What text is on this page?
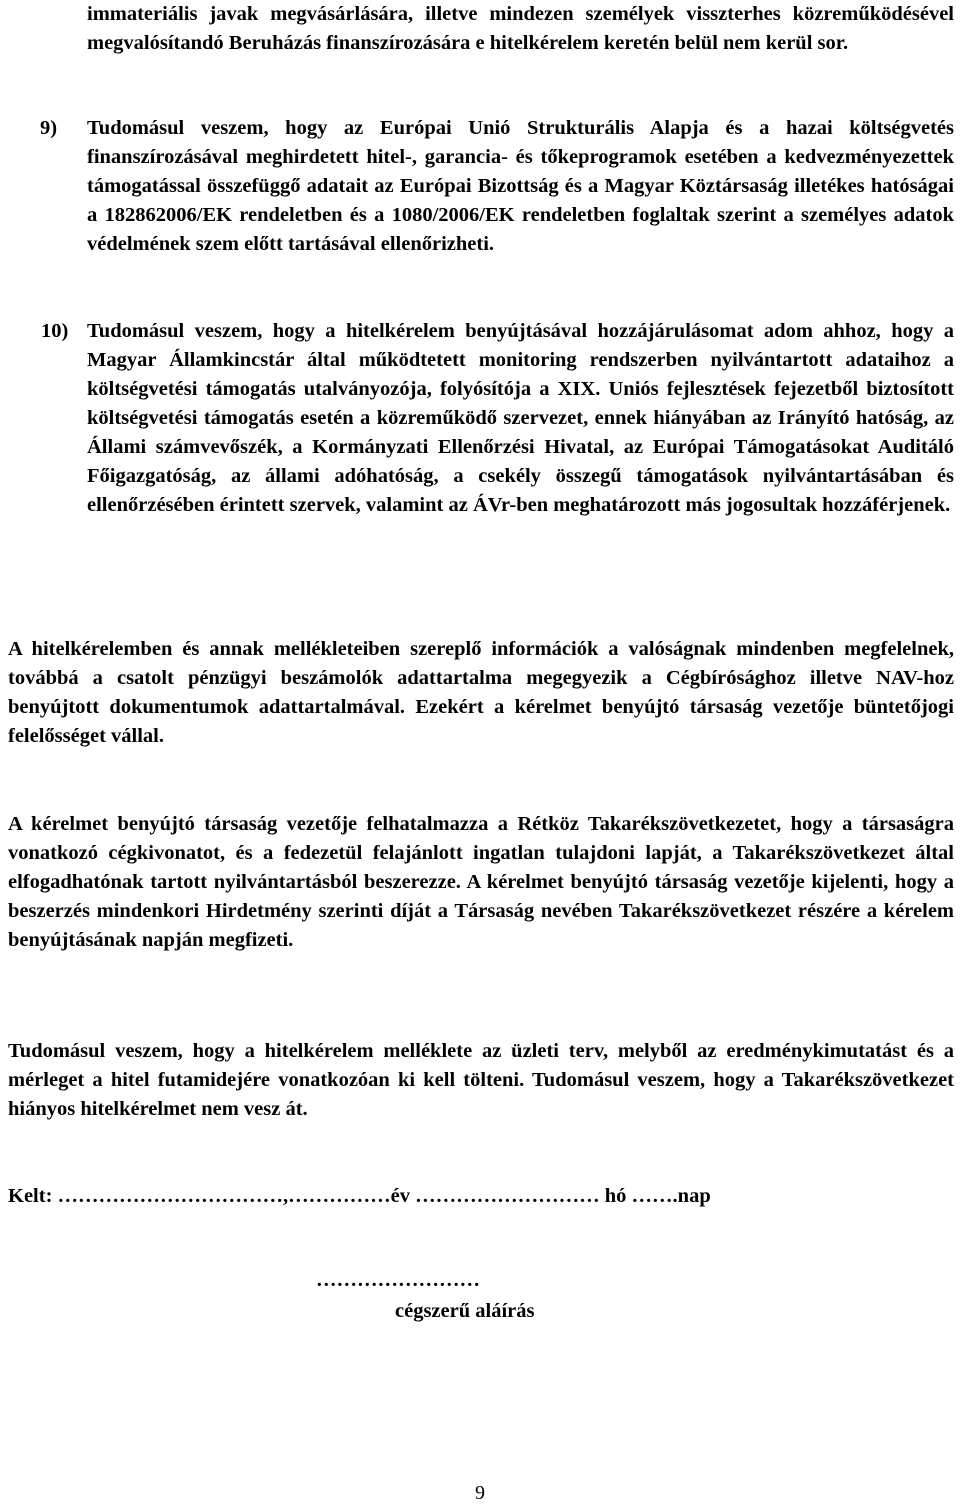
immateriális javak megvásárlására, illetve mindezen személyek visszterhes közreműködésével megvalósítandó Beruházás finanszírozására e hitelkérelem keretén belül nem kerül sor.

9) Tudomásul veszem, hogy az Európai Unió Strukturális Alapja és a hazai költségvetés finanszírozásával meghirdetett hitel-, garancia- és tőkeprogramok esetében a kedvezményezettek támogatással összefüggő adatait az Európai Bizottság és a Magyar Köztársaság illetékes hatóságai a 182862006/EK rendeletben és a 1080/2006/EK rendeletben foglaltak szerint a személyes adatok védelmének szem előtt tartásával ellenőrizheti.

10) Tudomásul veszem, hogy a hitelkérelem benyújtásával hozzájárulásomat adom ahhoz, hogy a Magyar Államkincstár által működtetett monitoring rendszerben nyilvántartott adataihoz a költségvetési támogatás utalványozója, folyósítója a XIX. Uniós fejlesztések fejezetből biztosított költségvetési támogatás esetén a közreműködő szervezet, ennek hiányában az Irányító hatóság, az Állami számvevőszék, a Kormányzati Ellenőrzési Hivatal, az Európai Támogatásokat Auditáló Főigazgatóság, az állami adóhatóság, a csekély összegű támogatások nyilvántartásában és ellenőrzésében érintett szervek, valamint az ÁVr-ben meghatározott más jogosultak hozzáférjenek.

A hitelkérelemben és annak mellékleteiben szereplő információk a valóságnak mindenben megfelelnek, továbbá a csatolt pénzügyi beszámolók adattartalma megegyezik a Cégbírósághoz illetve NAV-hoz benyújtott dokumentumok adattartalmával. Ezekért a kérelmet benyújtó társaság vezetője büntetőjogi felelősséget vállal.

A kérelmet benyújtó társaság vezetője felhatalmazza a Rétköz Takarékszövetkezetet, hogy a társaságra vonatkozó cégkivonatot, és a fedezetül felajánlott ingatlan tulajdoni lapját, a Takarékszövetkezet által elfogadhatónak tartott nyilvántartásból beszerezze. A kérelmet benyújtó társaság vezetője kijelenti, hogy a beszerzés mindenkori Hirdetmény szerinti díját a Társaság nevében Takarékszövetkezet részére a kérelem benyújtásának napján megfizeti.

Tudomásul veszem, hogy a hitelkérelem melléklete az üzleti terv, melyből az eredménykimutatást és a mérleget a hitel futamidejére vonatkozóan ki kell tölteni. Tudomásul veszem, hogy a Takarékszövetkezet hiányos hitelkérelmet nem vesz át.

Kelt: ……………………………,……………év ……………………… hó …….nap
……………………
cégszerű aláírás
9
